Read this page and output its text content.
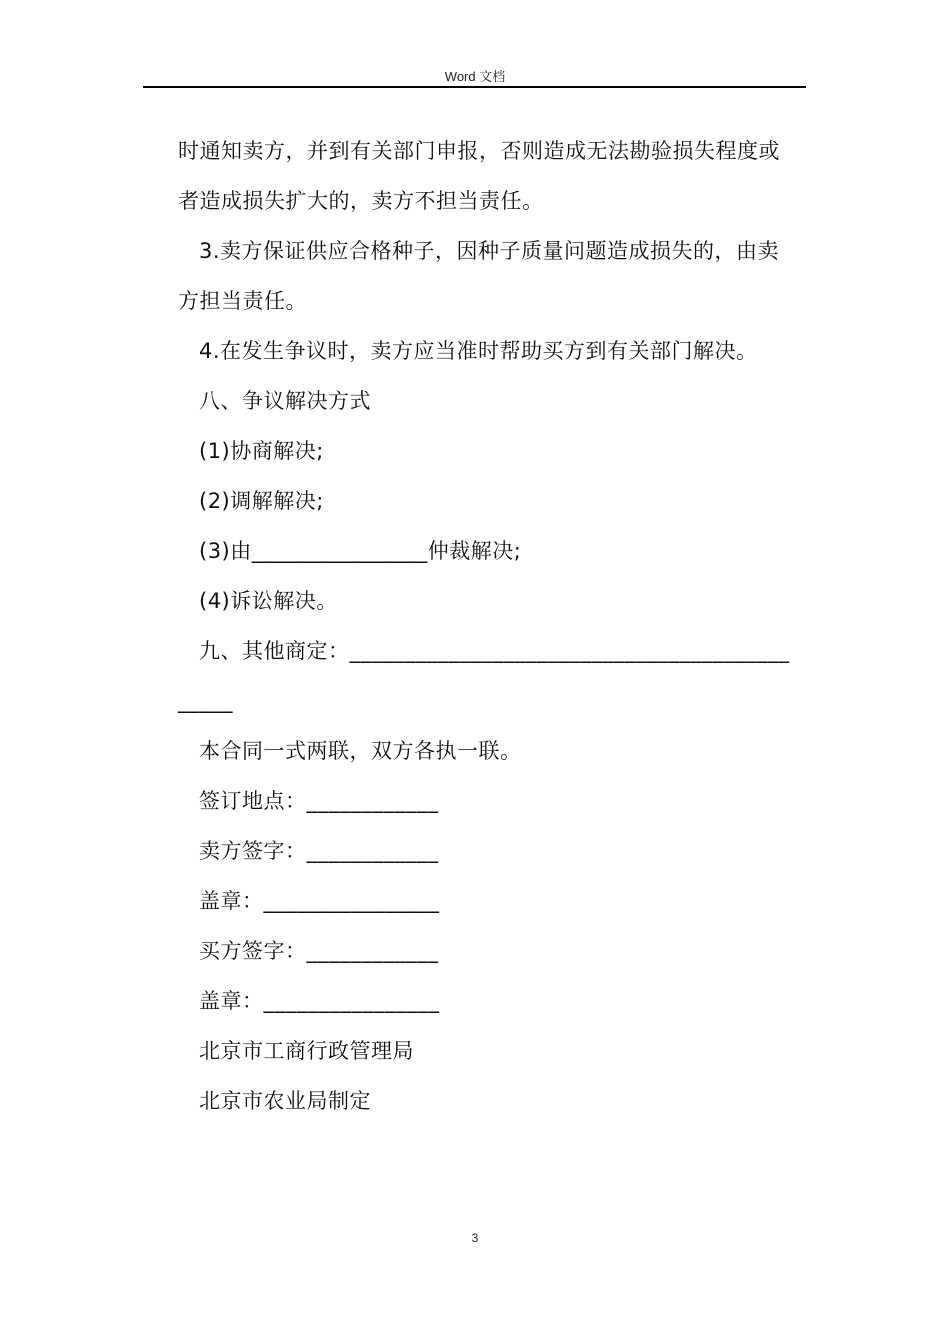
Word 文档
时通知卖方，并到有关部门申报，否则造成无法勘验损失程度或
者造成损失扩大的，卖方不担当责任。
3.卖方保证供应合格种子，因种子质量问题造成损失的，由卖
方担当责任。
4.在发生争议时，卖方应当准时帮助买方到有关部门解决。
八、争议解决方式
(1)协商解决;
(2)调解解决;
(3)由________________仲裁解决;
(4)诉讼解决。
九、其他商定：________________________________________
_____
本合同一式两联，双方各执一联。
签订地点：____________
卖方签字：____________
盖章：________________
买方签字：____________
盖章：________________
北京市工商行政管理局
北京市农业局制定
3
